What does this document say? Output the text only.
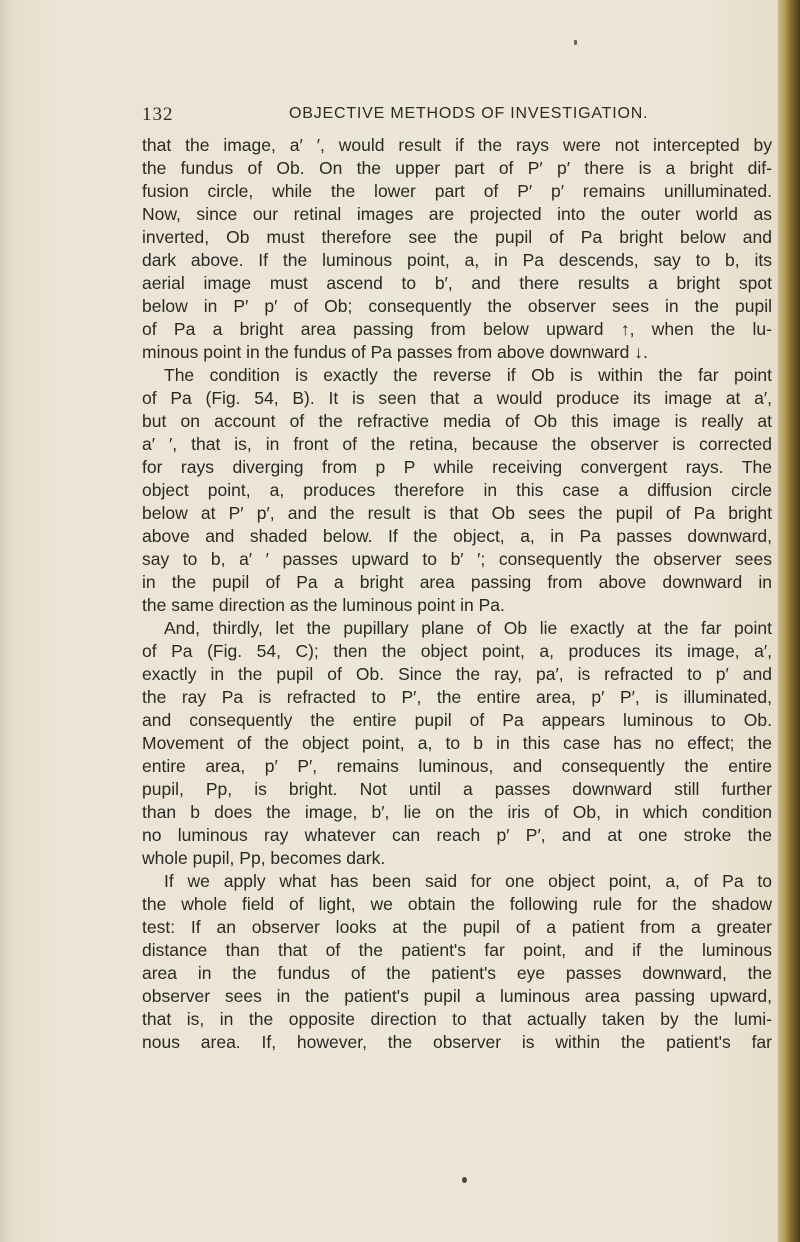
132	OBJECTIVE METHODS OF INVESTIGATION.
that the image, a′ ′, would result if the rays were not intercepted by
the fundus of Ob. On the upper part of P′ p′ there is a bright dif-
fusion circle, while the lower part of P′ p′ remains unilluminated.
Now, since our retinal images are projected into the outer world as
inverted, Ob must therefore see the pupil of Pa bright below and
dark above. If the luminous point, a, in Pa descends, say to b, its
aerial image must ascend to b′, and there results a bright spot
below in P′ p′ of Ob; consequently the observer sees in the pupil
of Pa a bright area passing from below upward ↑, when the lu-
minous point in the fundus of Pa passes from above downward ↓.
The condition is exactly the reverse if Ob is within the far point
of Pa (Fig. 54, B). It is seen that a would produce its image at a′,
but on account of the refractive media of Ob this image is really at
a′ ′, that is, in front of the retina, because the observer is corrected
for rays diverging from p P while receiving convergent rays. The
object point, a, produces therefore in this case a diffusion circle
below at P′ p′, and the result is that Ob sees the pupil of Pa bright
above and shaded below. If the object, a, in Pa passes downward,
say to b, a′ ′ passes upward to b′ ′; consequently the observer sees
in the pupil of Pa a bright area passing from above downward in
the same direction as the luminous point in Pa.
And, thirdly, let the pupillary plane of Ob lie exactly at the far point
of Pa (Fig. 54, C); then the object point, a, produces its image, a′,
exactly in the pupil of Ob. Since the ray, pa′, is refracted to p′ and
the ray Pa is refracted to P′, the entire area, p′ P′, is illuminated,
and consequently the entire pupil of Pa appears luminous to Ob.
Movement of the object point, a, to b in this case has no effect; the
entire area, p′ P′, remains luminous, and consequently the entire
pupil, Pp, is bright. Not until a passes downward still further
than b does the image, b′, lie on the iris of Ob, in which condition
no luminous ray whatever can reach p′ P′, and at one stroke the
whole pupil, Pp, becomes dark.
If we apply what has been said for one object point, a, of Pa to
the whole field of light, we obtain the following rule for the shadow
test: If an observer looks at the pupil of a patient from a greater
distance than that of the patient's far point, and if the luminous
area in the fundus of the patient's eye passes downward, the
observer sees in the patient's pupil a luminous area passing upward,
that is, in the opposite direction to that actually taken by the lumi-
nous area. If, however, the observer is within the patient's far
